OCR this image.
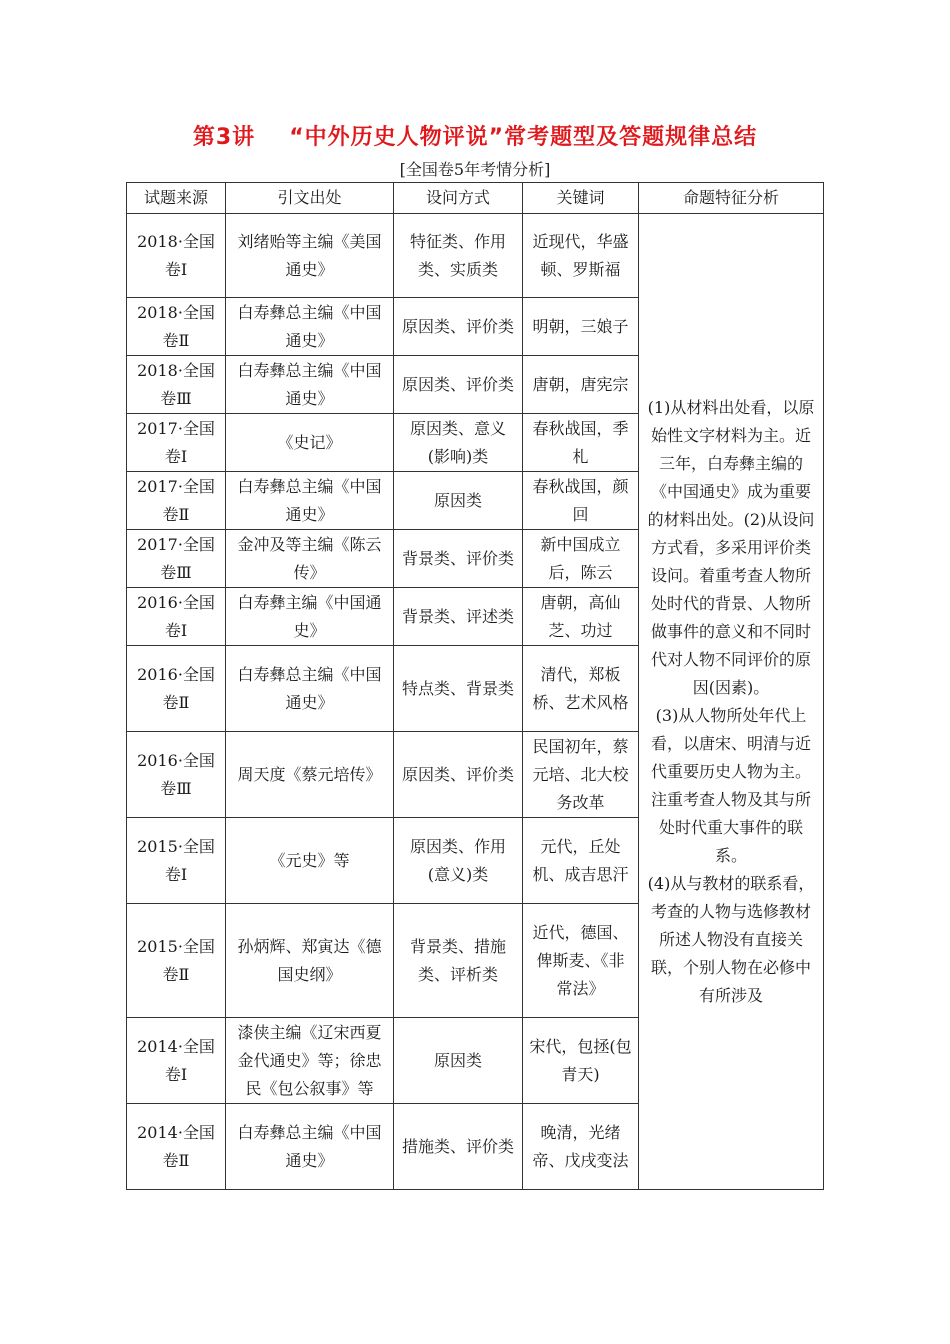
第3讲 “中外历史人物评说”常考题型及答题规律总结
[全国卷5年考情分析]
试题来源	引文出处	设问方式	关键词	命题特征分析
2018·全国卷Ⅰ	刘绪贻等主编《美国通史》	特征类、作用类、实质类	近现代，华盛顿、罗斯福	(1)从材料出处看，以原始性文字材料为主。近三年，白寿彝主编的《中国通史》成为重要的材料出处。(2)从设问方式看，多采用评价类设问。着重考查人物所处时代的背景、人物所做事件的意义和不同时代对人物不同评价的原因(因素)。

(3)从人物所处年代上看，以唐宋、明清与近代重要历史人物为主。注重考查人物及其与所处时代重大事件的联系。

(4)从与教材的联系看，考查的人物与选修教材所述人物没有直接关联，个别人物在必修中有所涉及

2018·全国卷Ⅱ	白寿彝总主编《中国通史》	原因类、评价类	明朝，三娘子	
2018·全国卷Ⅲ	白寿彝总主编《中国通史》	原因类、评价类	唐朝，唐宪宗	
2017·全国卷Ⅰ	《史记》	原因类、意义(影响)类	春秋战国，季札	
2017·全国卷Ⅱ	白寿彝总主编《中国通史》	原因类	春秋战国，颜回	
2017·全国卷Ⅲ	金冲及等主编《陈云传》	背景类、评价类	新中国成立后，陈云	
2016·全国卷Ⅰ	白寿彝主编《中国通史》	背景类、评述类	唐朝，高仙芝、功过	
2016·全国卷Ⅱ	白寿彝总主编《中国通史》	特点类、背景类	清代，郑板桥、艺术风格	
2016·全国卷Ⅲ	周天度《蔡元培传》	原因类、评价类	民国初年，蔡元培、北大校务改革	
2015·全国卷Ⅰ	《元史》等	原因类、作用(意义)类	元代，丘处机、成吉思汗	
2015·全国卷Ⅱ	孙炳辉、郑寅达《德国史纲》	背景类、措施类、评析类	近代，德国、俾斯麦、《非常法》	
2014·全国卷Ⅰ	漆侠主编《辽宋西夏金代通史》等；徐忠民《包公叙事》等	原因类	宋代，包拯(包青天)	
2014·全国卷Ⅱ	白寿彝总主编《中国通史》	措施类、评价类	晚清，光绪帝、戊戌变法	
